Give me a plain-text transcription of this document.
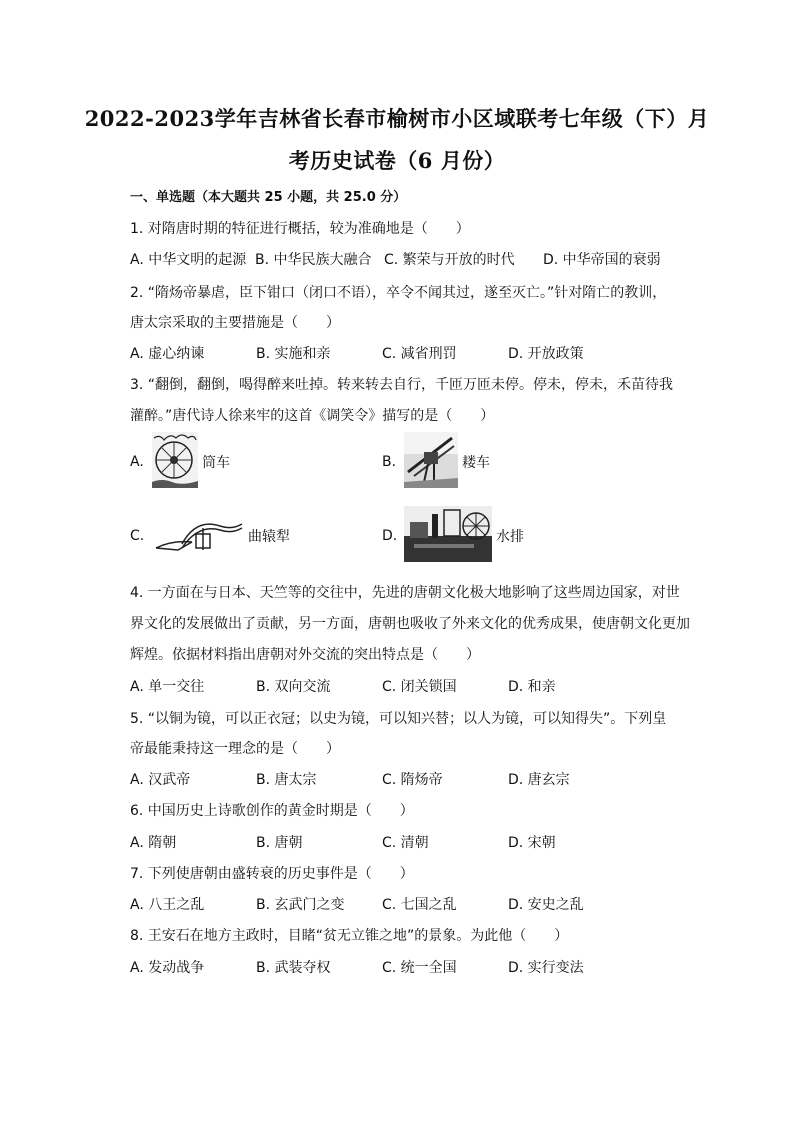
2022-2023学年吉林省长春市榆树市小区域联考七年级（下）月
考历史试卷（6 月份）
一、单选题（本大题共 25 小题，共 25.0 分）
1. 对隋唐时期的特征进行概括，较为准确地是（　　）
A. 中华文明的起源 B. 中华民族大融合 C. 繁荣与开放的时代 D. 中华帝国的衰弱
2. “隋炀帝暴虐，臣下钳口（闭口不语），卒令不闻其过，遂至灭亡。”针对隋亡的教训，
唐太宗采取的主要措施是（　　）
A. 虚心纳谏	B. 实施和亲	C. 减省刑罚	D. 开放政策
3. “翻倒，翻倒，喝得醉来吐掉。转来转去自行，千匝万匝未停。停未，停未，禾苗待我
灌醉。”唐代诗人徐来牢的这首《调笑令》描写的是（　　）
A.	筒车	B.	耧车
C.	曲辕犁	D.	水排
4. 一方面在与日本、天竺等的交往中，先进的唐朝文化极大地影响了这些周边国家，对世
界文化的发展做出了贡献，另一方面，唐朝也吸收了外来文化的优秀成果，使唐朝文化更加
辉煌。依据材料指出唐朝对外交流的突出特点是（　　）
A. 单一交往	B. 双向交流	C. 闭关锁国	D. 和亲
5. “以铜为镜，可以正衣冠；以史为镜，可以知兴替；以人为镜，可以知得失”。下列皇
帝最能秉持这一理念的是（　　）
A. 汉武帝	B. 唐太宗	C. 隋炀帝	D. 唐玄宗
6. 中国历史上诗歌创作的黄金时期是（　　）
A. 隋朝	B. 唐朝	C. 清朝	D. 宋朝
7. 下列使唐朝由盛转衰的历史事件是（　　）
A. 八王之乱	B. 玄武门之变	C. 七国之乱	D. 安史之乱
8. 王安石在地方主政时，目睹“贫无立锥之地”的景象。为此他（　　）
A. 发动战争	B. 武装夺权	C. 统一全国	D. 实行变法
